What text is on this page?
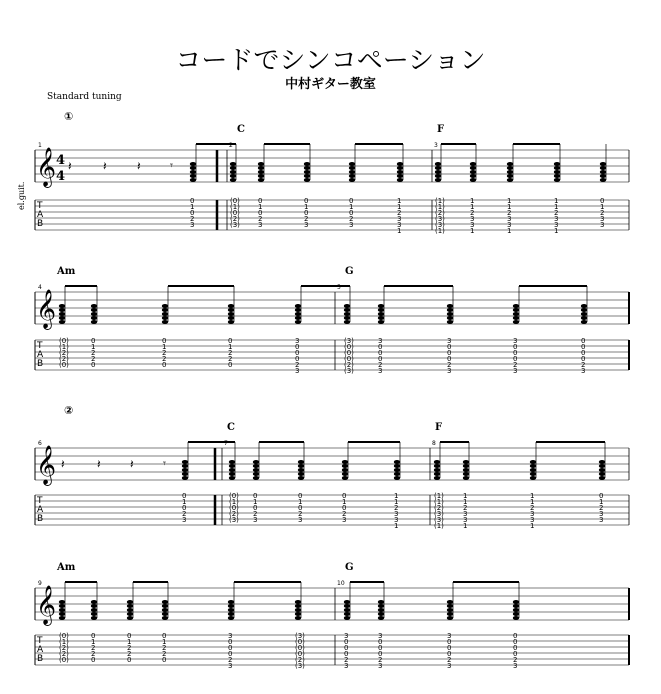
コードでシンコペーション
中村ギター教室
Standard tuning
T
A
B
𝄞
1	2	3
C	F
𝄽	𝄽	𝄽	𝄾
0
1
0
2
3
(0)
(1)
(0)
(2)
(3)
0
1
0
2
3
0
1
0
2
3
0
1
0
2
3
1
1
2
3
3
1
(1)
(1)
(2)
(3)
(3)
(1)
1
1
2
3
3
1
1
1
2
3
3
1
1
1
2
3
3
1
0
1
2
3
3
T
A
B
𝄞
4	5
Am	G
(0)
(1)
(2)
(2)
(0)
0
1
2
2
0
0
1
2
2
0
0
1
2
2
0
3
0
0
0
2
3
(3)
(0)
(0)
(0)
(2)
(3)
3
0
0
0
2
3
3
0
0
0
2
3
3
0
0
0
2
3
0
0
0
0
2
3
T
A
B
𝄞
6	7	8
C	F
𝄽	𝄽 𝄽	𝄾
0
1
0
2
3
(0)
(1)
(0)
(2)
(3)
0
1
0
2
3
0
1
0
2
3
0
1
0
2
3
1
1
2
3
3
1
(1)
(1)
(2)
(3)
(3)
(1)
1
1
2
3
3
1
1
1
2
3
3
1
0
1
2
3
3
T
A
B
𝄞
9	10
Am	G
(0)
(1)
(2)
(2)
(0)
0
1
2
2
0
0
1
2
2
0
0
1
2
2
0
3
0
0
0
2
3
(3)
(0)
(0)
(0)
(2)
(3)
3
0
0
0
2
3
3
0
0
0
2
3
3
0
0
0
2
3
0
0
0
0
2
3
4
4
①
②
el.guit.
